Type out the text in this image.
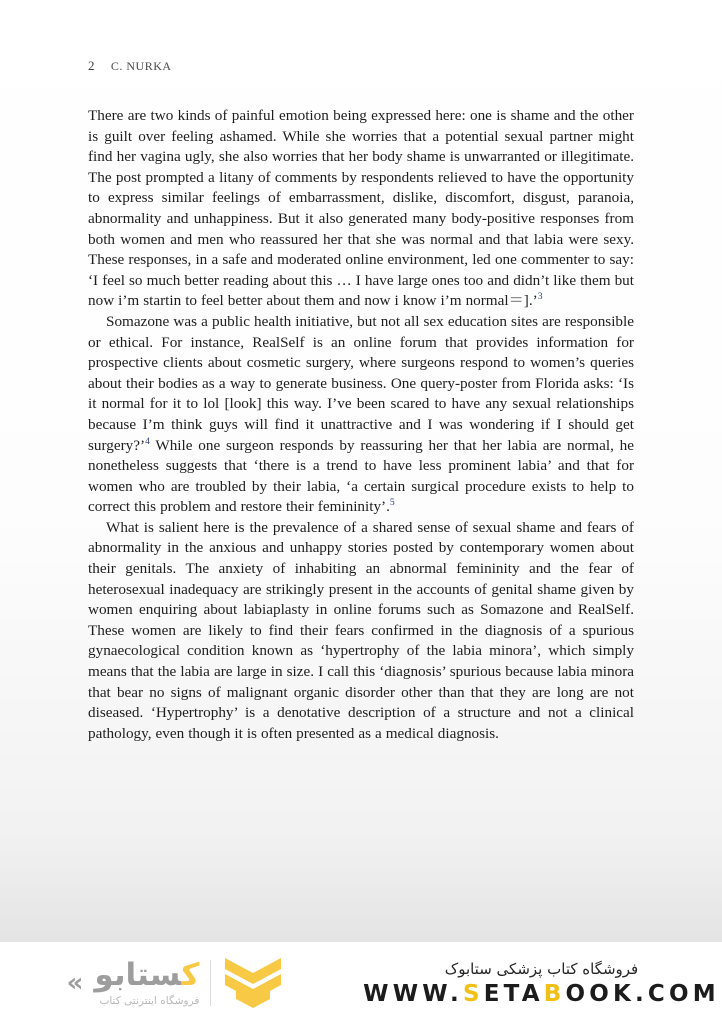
2 C. NURKA

There are two kinds of painful emotion being expressed here: one is shame and the other is guilt over feeling ashamed. While she worries that a potential sexual partner might find her vagina ugly, she also worries that her body shame is unwarranted or illegitimate. The post prompted a litany of comments by respondents relieved to have the opportunity to express similar feelings of embarrassment, dislike, discomfort, disgust, paranoia, abnormality and unhappiness. But it also generated many body-positive responses from both women and men who reassured her that she was normal and that labia were sexy. These responses, in a safe and moderated online environment, led one commenter to say: ‘I feel so much better reading about this … I have large ones too and didn’t like them but now i’m startin to feel better about them and now i know i’m normal＝].’$^3$

Somazone was a public health initiative, but not all sex education sites are responsible or ethical. For instance, RealSelf is an online forum that provides information for prospective clients about cosmetic surgery, where surgeons respond to women’s queries about their bodies as a way to generate business. One query-poster from Florida asks: ‘Is it normal for it to lol [look] this way. I’ve been scared to have any sexual relationships because I’m think guys will find it unattractive and I was wondering if I should get surgery?’$^4$ While one surgeon responds by reassuring her that her labia are normal, he nonetheless suggests that ‘there is a trend to have less prominent labia’ and that for women who are troubled by their labia, ‘a certain surgical procedure exists to help to correct this problem and restore their femininity’.$^5$

What is salient here is the prevalence of a shared sense of sexual shame and fears of abnormality in the anxious and unhappy stories posted by contemporary women about their genitals. The anxiety of inhabiting an abnormal femininity and the fear of heterosexual inadequacy are strikingly present in the accounts of genital shame given by women enquiring about labiaplasty in online forums such as Somazone and RealSelf. These women are likely to find their fears confirmed in the diagnosis of a spurious gynaecological condition known as ‘hypertrophy of the labia minora’, which simply means that the labia are large in size. I call this ‘diagnosis’ spurious because labia minora that bear no signs of malignant organic disorder other than that they are long are not diseased. ‘Hypertrophy’ is a denotative description of a structure and not a clinical pathology, even though it is often presented as a medical diagnosis.

«	کستابو
فروشگاه اینترنتی کتاب
فروشگاه کتاب پزشکی ستابوک
WWW.SETABOOK.COM
